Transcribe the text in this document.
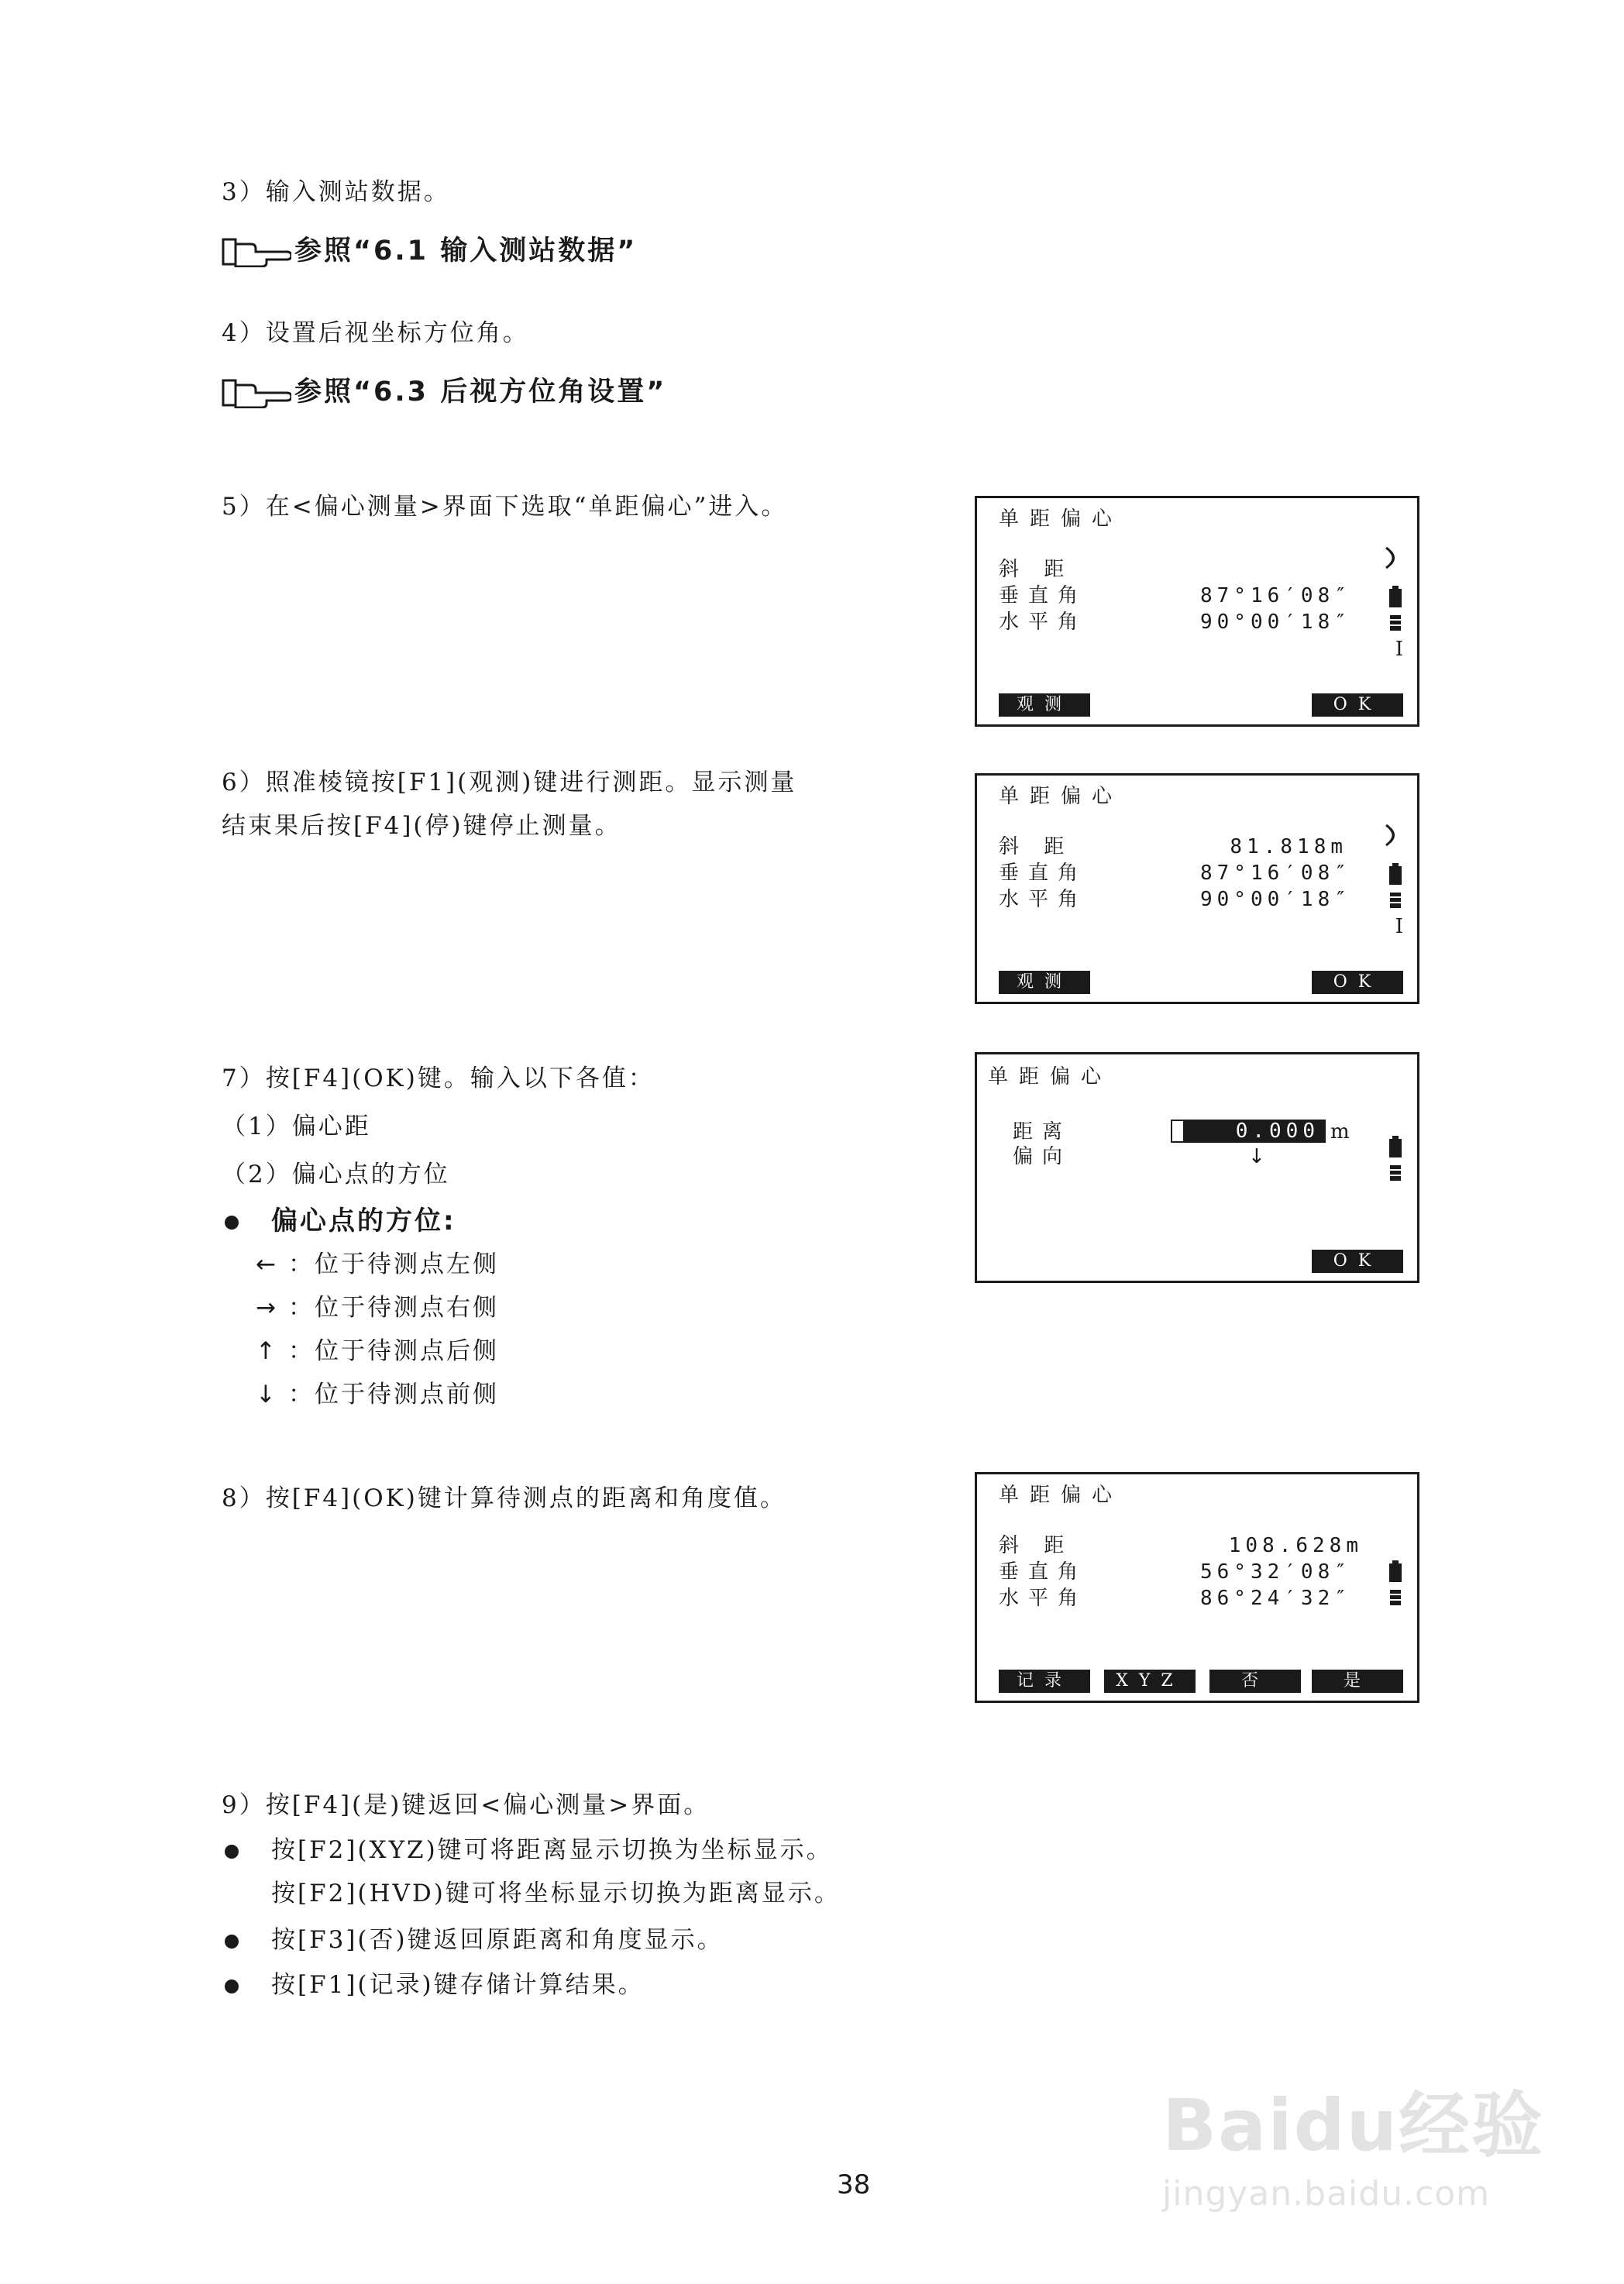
3）输入测站数据。
参照“6.1 输入测站数据”
4）设置后视坐标方位角。
参照“6.3 后视方位角设置”
5）在<偏心测量>界面下选取“单距偏心”进入。
6）照准棱镜按[F1](观测)键进行测距。显示测量
结束果后按[F4](停)键停止测量。
7）按[F4](OK)键。输入以下各值：
（1）偏心距
（2）偏心点的方位
偏心点的方位:
← ：位于待测点左侧
→ ：位于待测点右侧
↑ ：位于待测点后侧
↓ ：位于待测点前侧
8）按[F4](OK)键计算待测点的距离和角度值。
9）按[F4](是)键返回<偏心测量>界面。
按[F2](XYZ)键可将距离显示切换为坐标显示。
按[F2](HVD)键可将坐标显示切换为距离显示。
按[F3](否)键返回原距离和角度显示。
按[F1](记录)键存储计算结果。
单距偏心
斜 距
垂直角	87°16′08″
水平角	90°00′18″
I
观测	OK
单距偏心
斜 距	81.818m
垂直角	87°16′08″
水平角	90°00′18″
I
观测	OK
单距偏心
距离	0.000 m
偏向	↓
OK
单距偏心
斜 距	108.628m
垂直角	56°32′08″
水平角	86°24′32″
记录	XYZ	否	是
38
Baidu经验
jingyan.baidu.com
